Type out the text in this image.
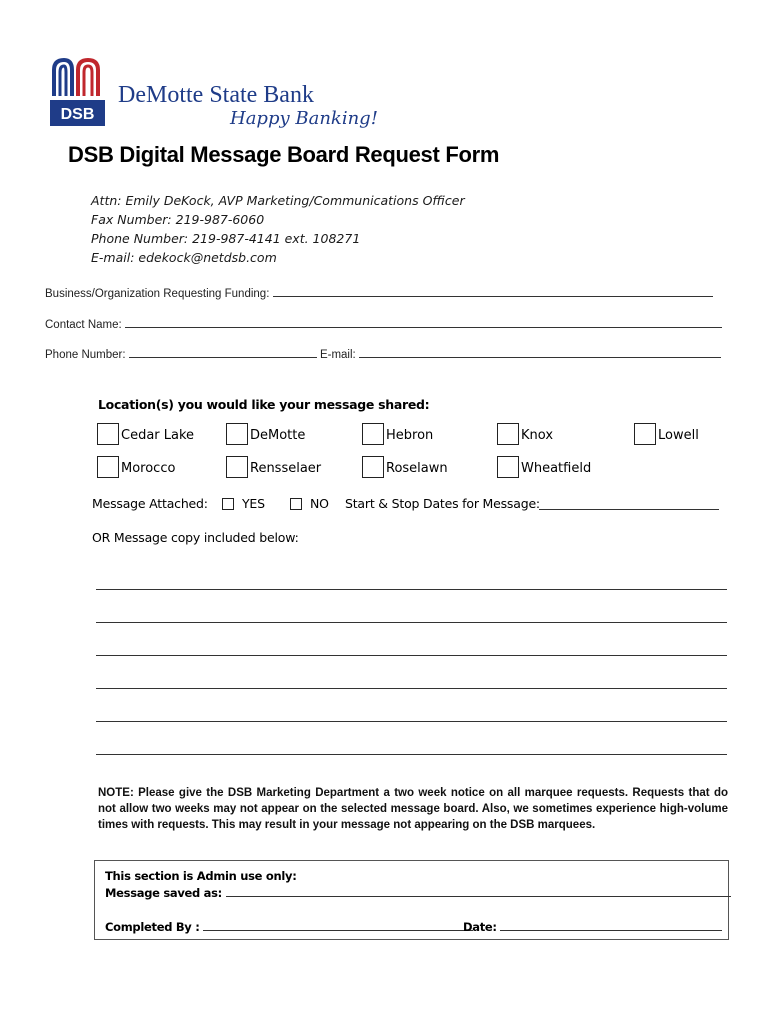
DSB
DeMotte State Bank
Happy Banking!
DSB Digital Message Board Request Form
Attn: Emily DeKock, AVP Marketing/Communications Officer
Fax Number: 219-987-6060
Phone Number: 219-987-4141 ext. 108271
E-mail: edekock@netdsb.com
Business/Organization Requesting Funding:
Contact Name:
Phone Number:	E-mail:
Location(s) you would like your message shared:
Cedar Lake	DeMotte	Hebron	Knox	Lowell
Morocco	Rensselaer	Roselawn	Wheatfield
Message Attached:	YES	NO Start & Stop Dates for Message:
OR Message copy included below:
NOTE: Please give the DSB Marketing Department a two week notice on all marquee requests. Requests that do not allow two weeks may not appear on the selected message board. Also, we sometimes experience high-volume times with requests. This may result in your message not appearing on the DSB marquees.
This section is Admin use only:
Message saved as:
Completed By :	Date:
